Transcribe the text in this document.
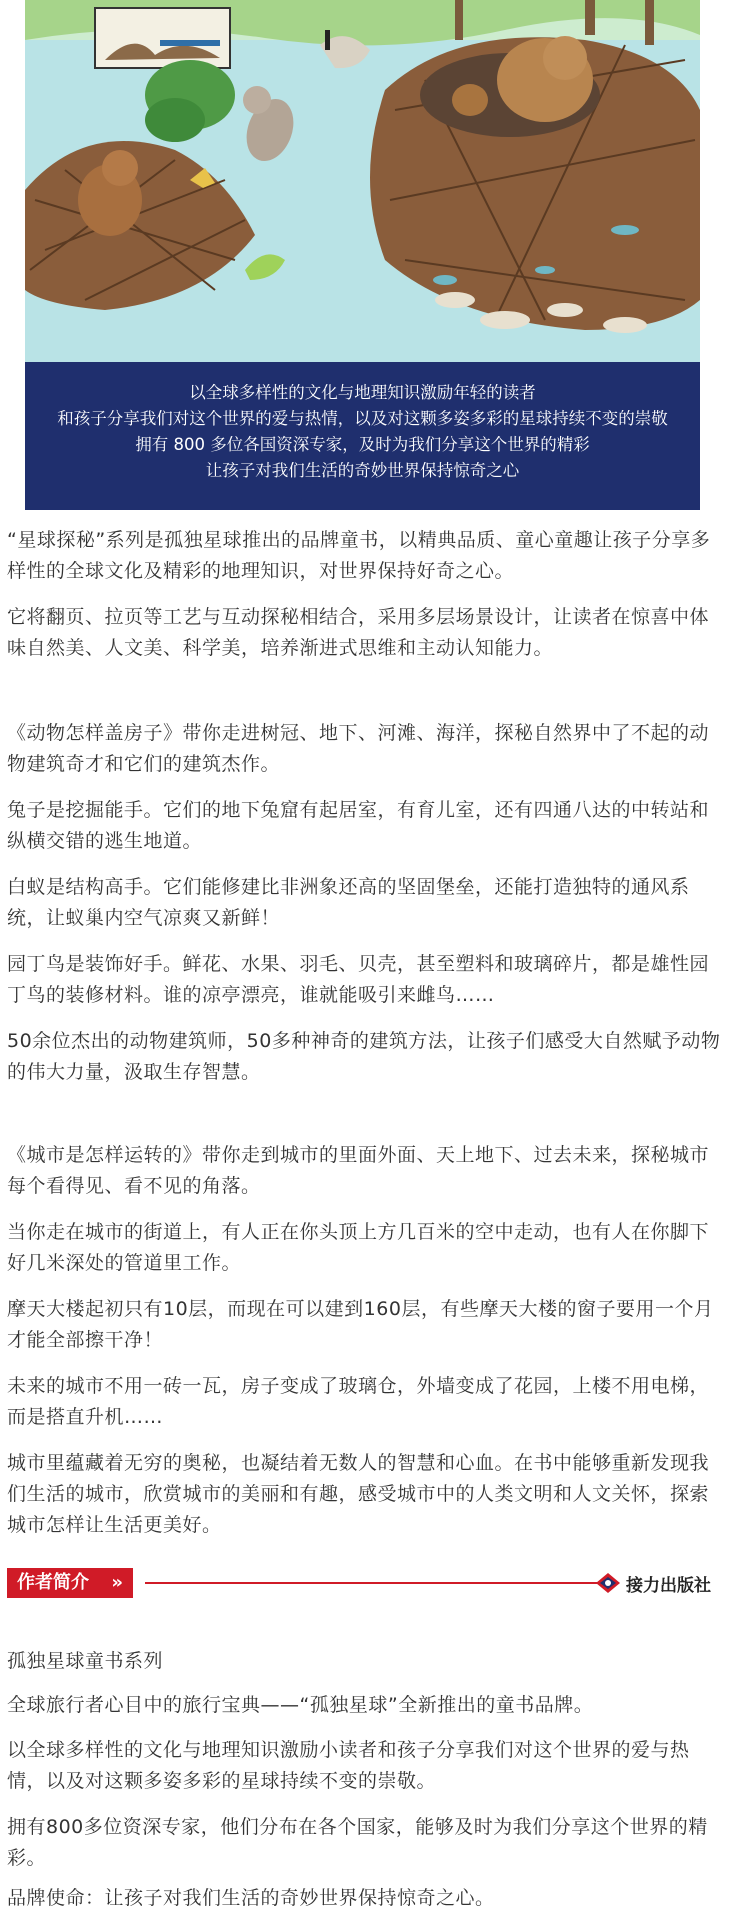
以全球多样性的文化与地理知识激励年轻的读者
和孩子分享我们对这个世界的爱与热情，以及对这颗多姿多彩的星球持续不变的崇敬
拥有 800 多位各国资深专家，及时为我们分享这个世界的精彩
让孩子对我们生活的奇妙世界保持惊奇之心

“星球探秘”系列是孤独星球推出的品牌童书，以精典品质、童心童趣让孩子分享多样性的全球文化及精彩的地理知识，对世界保持好奇之心。

它将翻页、拉页等工艺与互动探秘相结合，采用多层场景设计，让读者在惊喜中体味自然美、人文美、科学美，培养渐进式思维和主动认知能力。

《动物怎样盖房子》带你走进树冠、地下、河滩、海洋，探秘自然界中了不起的动物建筑奇才和它们的建筑杰作。

兔子是挖掘能手。它们的地下兔窟有起居室，有育儿室，还有四通八达的中转站和纵横交错的逃生地道。

白蚁是结构高手。它们能修建比非洲象还高的坚固堡垒，还能打造独特的通风系统，让蚁巢内空气凉爽又新鲜！

园丁鸟是装饰好手。鲜花、水果、羽毛、贝壳，甚至塑料和玻璃碎片，都是雄性园丁鸟的装修材料。谁的凉亭漂亮，谁就能吸引来雌鸟……

50余位杰出的动物建筑师，50多种神奇的建筑方法，让孩子们感受大自然赋予动物的伟大力量，汲取生存智慧。

《城市是怎样运转的》带你走到城市的里面外面、天上地下、过去未来，探秘城市每个看得见、看不见的角落。

当你走在城市的街道上，有人正在你头顶上方几百米的空中走动，也有人在你脚下好几米深处的管道里工作。

摩天大楼起初只有10层，而现在可以建到160层，有些摩天大楼的窗子要用一个月才能全部擦干净！

未来的城市不用一砖一瓦，房子变成了玻璃仓，外墙变成了花园，上楼不用电梯，而是搭直升机……

城市里蕴藏着无穷的奥秘，也凝结着无数人的智慧和心血。在书中能够重新发现我们生活的城市，欣赏城市的美丽和有趣，感受城市中的人类文明和人文关怀，探索城市怎样让生活更美好。

作者简介 »	接力出版社

孤独星球童书系列

全球旅行者心目中的旅行宝典——“孤独星球”全新推出的童书品牌。

以全球多样性的文化与地理知识激励小读者和孩子分享我们对这个世界的爱与热情，以及对这颗多姿多彩的星球持续不变的崇敬。

拥有800多位资深专家，他们分布在各个国家，能够及时为我们分享这个世界的精彩。

品牌使命：让孩子对我们生活的奇妙世界保持惊奇之心。
